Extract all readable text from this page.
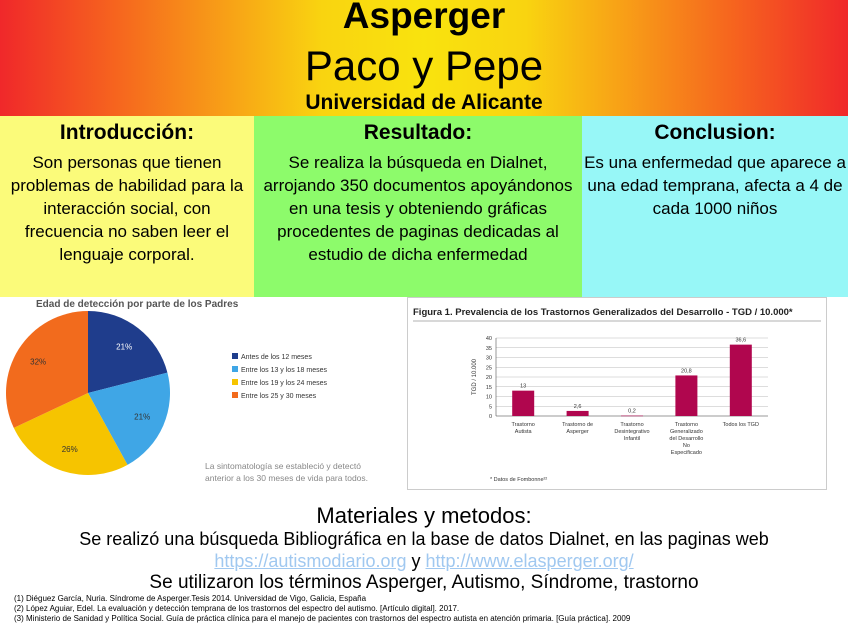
Asperger
Paco y Pepe
Universidad de Alicante
Introducción:

Son personas que tienen problemas de habilidad para la interacción social, con frecuencia no saben leer el lenguaje corporal.

Resultado:

Se realiza la búsqueda en Dialnet, arrojando 350 documentos apoyándonos en una tesis y obteniendo gráficas procedentes de paginas dedicadas al estudio de dicha enfermedad

Conclusion:

Es una enfermedad que aparece a una edad temprana, afecta a 4 de cada 1000 niños

Edad de detección por parte de los Padres
21%
21%
26%
32%	Antes de los 12 meses
Entre los 13 y los 18 meses
Entre los 19 y los 24 meses
Entre los 25 y 30 meses
La sintomatología se estableció y detectó anterior a los 30 meses de vida para todos.
Figura 1. Prevalencia de los Trastornos Generalizados del Desarrollo - TGD / 10.000*
0
5
10
15
20
25
30
35
40
13
2,6
0,2
20,8
36,6
Trastorno Autista
Trastorno de Asperger
Trastorno Desintegrativo Infantil
Trastorno Generalizado del Desarrollo No Especificado
Todos los TGD
TGD / 10.000
* Datos de Fombonne²²
Materiales y metodos:
Se realizó una búsqueda Bibliográfica en la base de datos Dialnet, en las paginas web
https://autismodiario.org y http://www.elasperger.org/
Se utilizaron los términos Asperger, Autismo, Síndrome, trastorno
(1) Diéguez García, Nuria. Síndrome de Asperger.Tesis 2014. Universidad de Vigo, Galicia, España
(2) López Aguiar, Edel. La evaluación y detección temprana de los trastornos del espectro del autismo. [Artículo digital]. 2017.
(3) Ministerio de Sanidad y Política Social. Guía de práctica clínica para el manejo de pacientes con trastornos del espectro autista en atención primaria. [Guía práctica]. 2009
